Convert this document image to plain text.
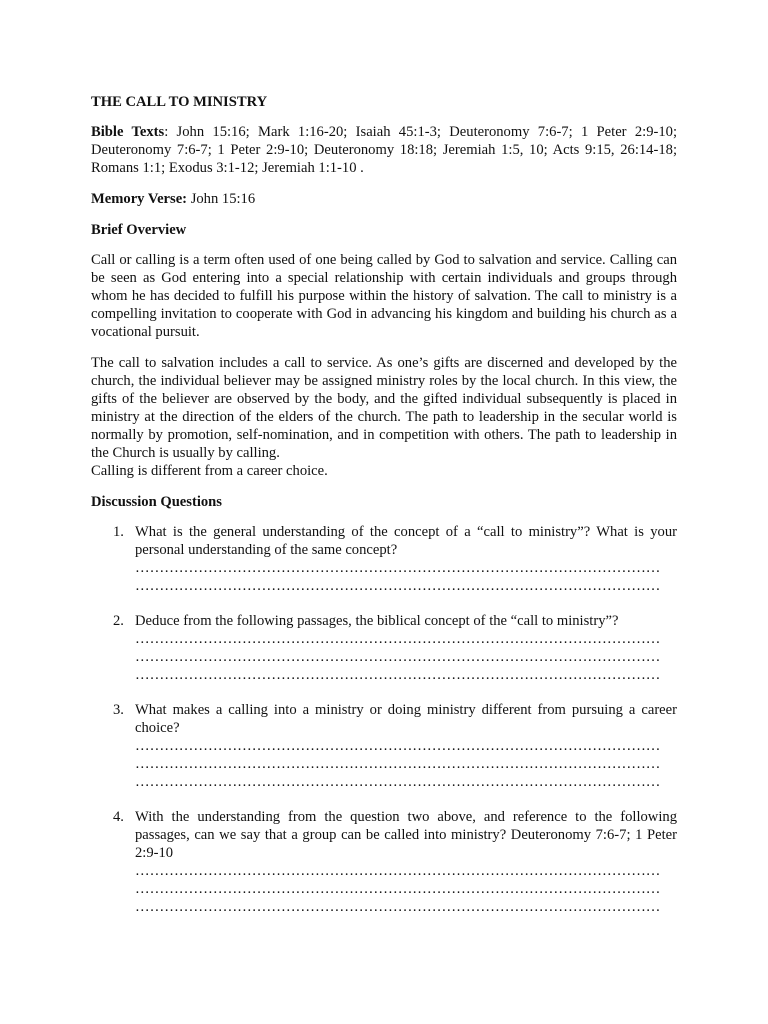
THE CALL TO MINISTRY
Bible Texts: John 15:16; Mark 1:16-20; Isaiah 45:1-3; Deuteronomy 7:6-7; 1 Peter 2:9-10; Deuteronomy 7:6-7; 1 Peter 2:9-10; Deuteronomy 18:18; Jeremiah 1:5, 10; Acts 9:15, 26:14-18; Romans 1:1; Exodus 3:1-12; Jeremiah 1:1-10 .
Memory Verse: John 15:16
Brief Overview

Call or calling is a term often used of one being called by God to salvation and service. Calling can be seen as God entering into a special relationship with certain individuals and groups through whom he has decided to fulfill his purpose within the history of salvation. The call to ministry is a compelling invitation to cooperate with God in advancing his kingdom and building his church as a vocational pursuit.

The call to salvation includes a call to service. As one’s gifts are discerned and developed by the church, the individual believer may be assigned ministry roles by the local church. In this view, the gifts of the believer are observed by the body, and the gifted individual subsequently is placed in ministry at the direction of the elders of the church. The path to leadership in the secular world is normally by promotion, self-nomination, and in competition with others. The path to leadership in the Church is usually by calling.

Calling is different from a career choice.

Discussion Questions
1. What is the general understanding of the concept of a “call to ministry”? What is your personal understanding of the same concept?
………………………………………………………………………………………………
………………………………………………………………………………………………
2. Deduce from the following passages, the biblical concept of the “call to ministry”?
………………………………………………………………………………………………
………………………………………………………………………………………………
………………………………………………………………………………………………
3. What makes a calling into a ministry or doing ministry different from pursuing a career choice?
………………………………………………………………………………………………
………………………………………………………………………………………………
………………………………………………………………………………………………
4. With the understanding from the question two above, and reference to the following passages, can we say that a group can be called into ministry? Deuteronomy 7:6-7; 1 Peter 2:9-10
………………………………………………………………………………………………
………………………………………………………………………………………………
………………………………………………………………………………………………
